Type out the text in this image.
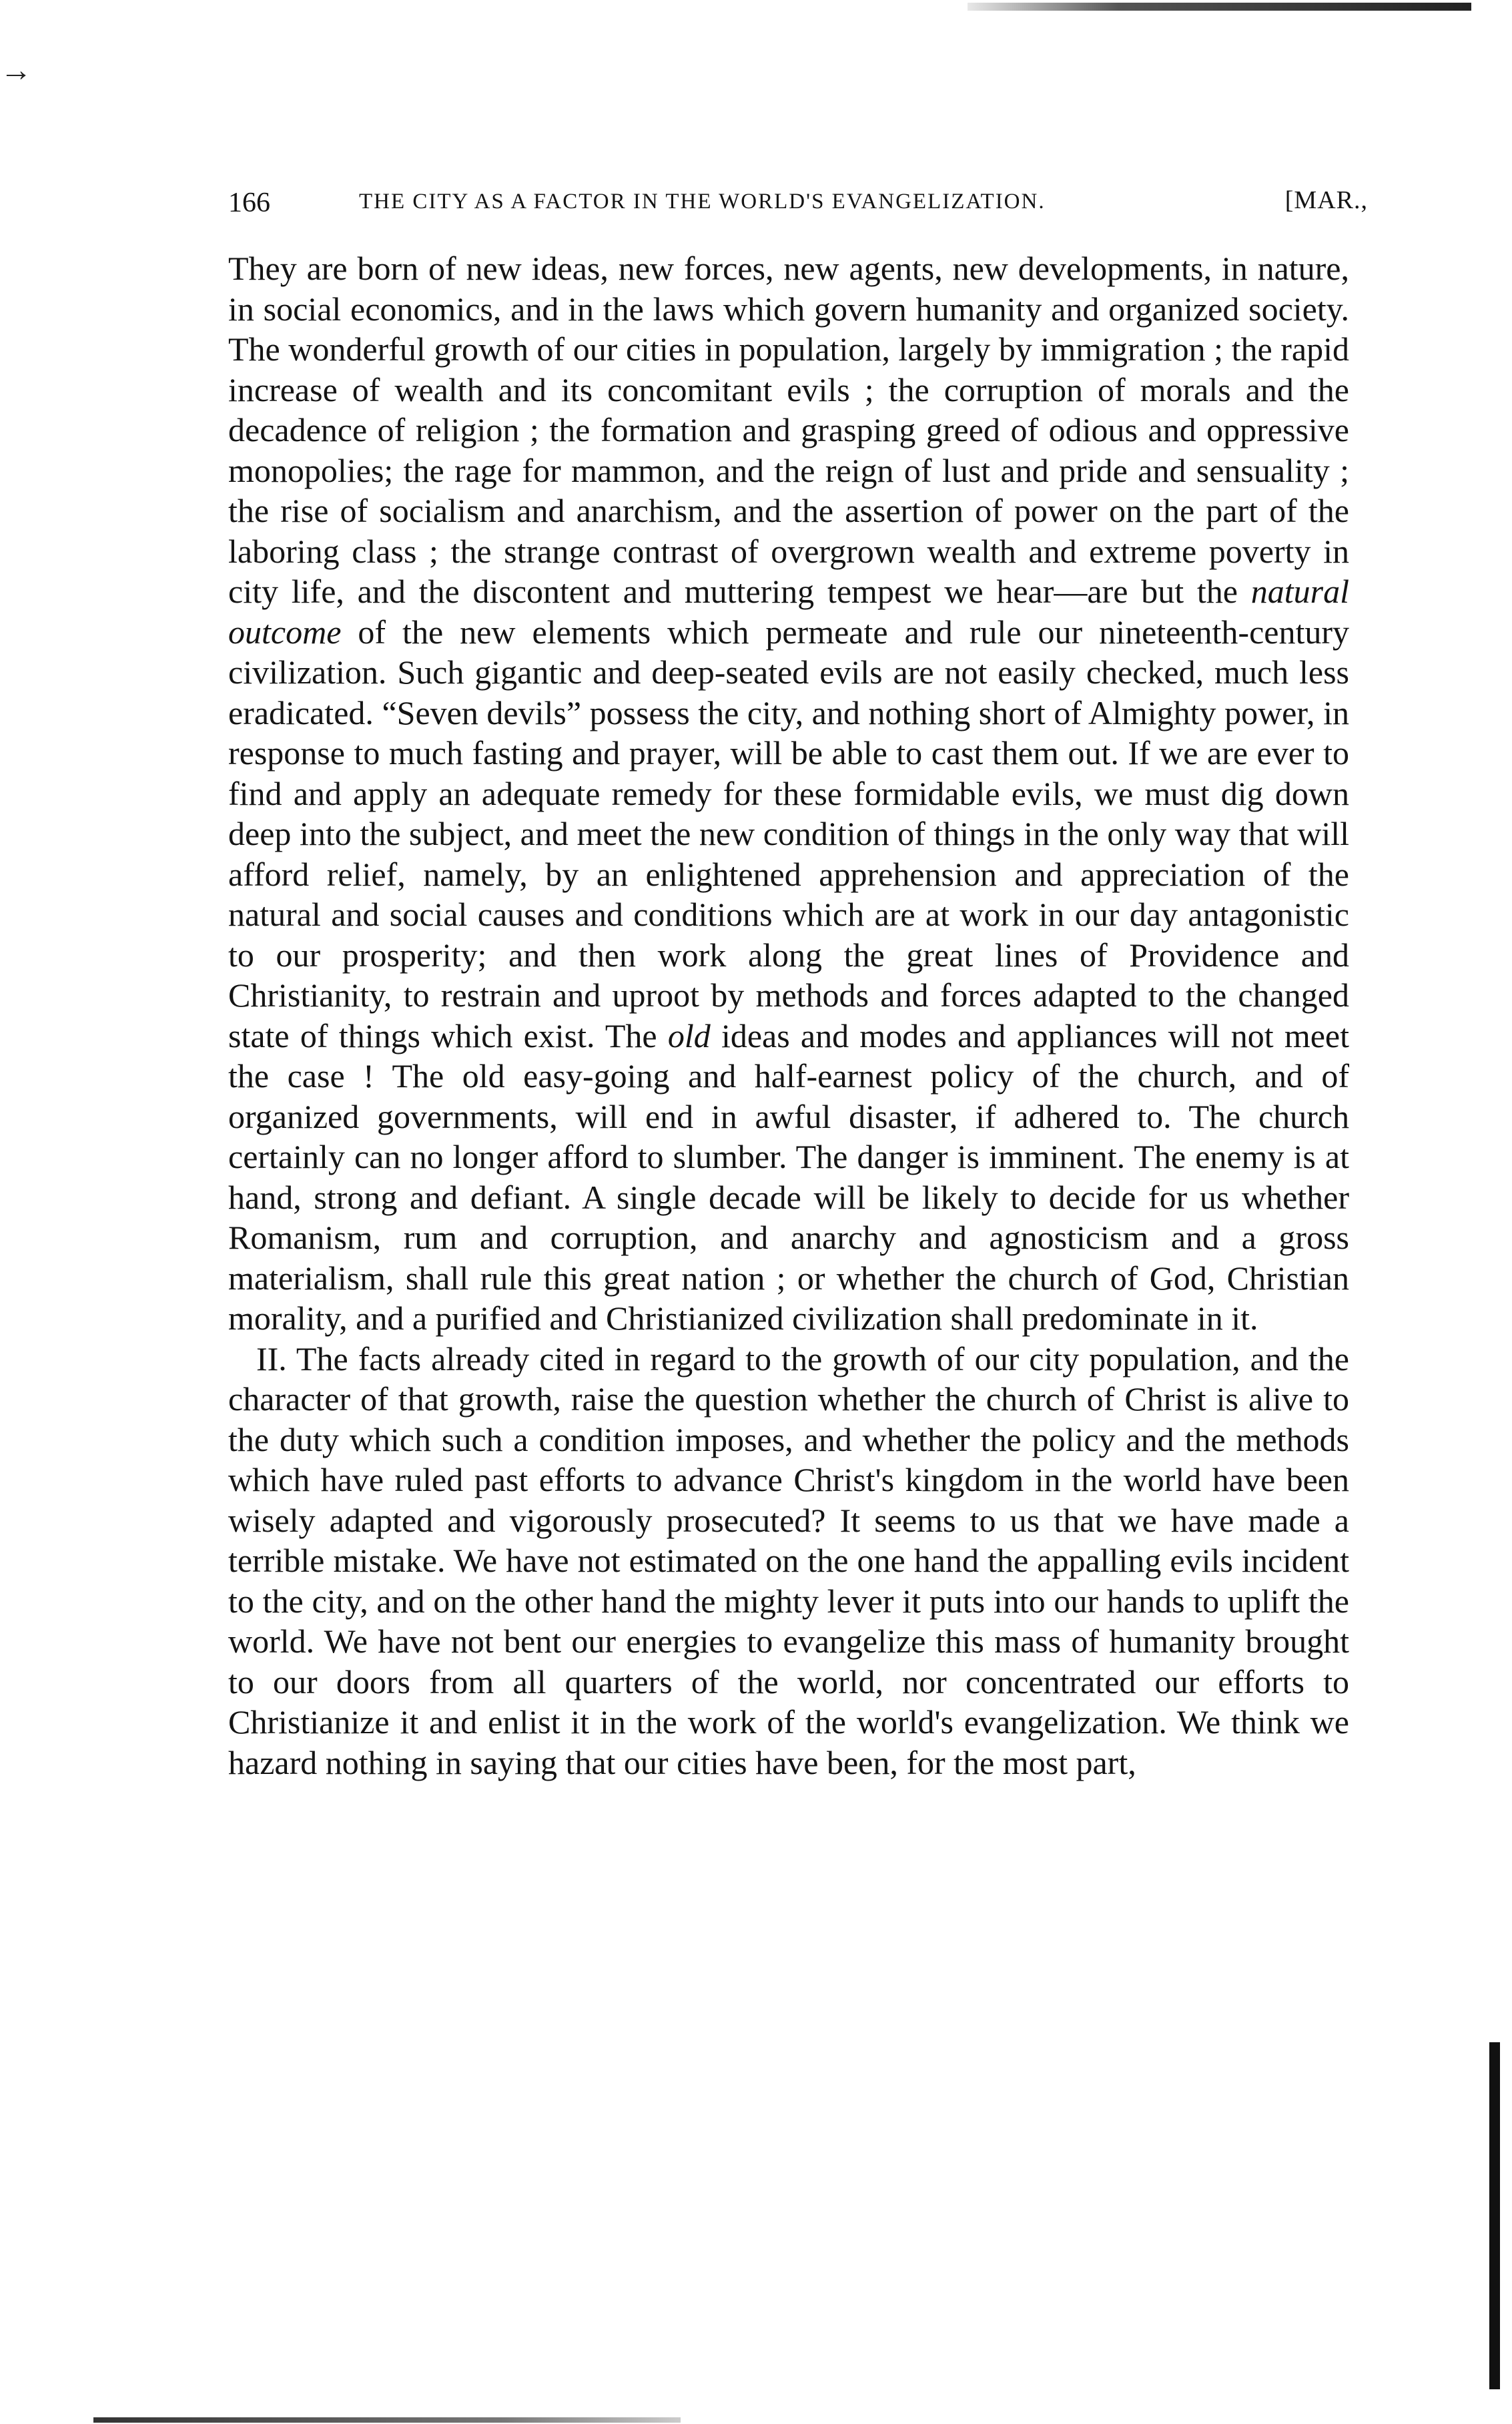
→
166	THE CITY AS A FACTOR IN THE WORLD'S EVANGELIZATION.	[MAR.,

They are born of new ideas, new forces, new agents, new developments, in nature, in social economics, and in the laws which govern humanity and organized society. The wonderful growth of our cities in population, largely by immigration ; the rapid increase of wealth and its concomitant evils ; the corruption of morals and the decadence of religion ; the formation and grasping greed of odious and oppressive monopolies; the rage for mammon, and the reign of lust and pride and sensuality ; the rise of socialism and anarchism, and the assertion of power on the part of the laboring class ; the strange contrast of overgrown wealth and extreme poverty in city life, and the discontent and muttering tempest we hear—are but the natural outcome of the new elements which permeate and rule our nineteenth-century civilization. Such gigantic and deep-seated evils are not easily checked, much less eradicated. “Seven devils” possess the city, and nothing short of Almighty power, in response to much fasting and prayer, will be able to cast them out. If we are ever to find and apply an adequate remedy for these formidable evils, we must dig down deep into the subject, and meet the new condition of things in the only way that will afford relief, namely, by an enlightened apprehension and appreciation of the natural and social causes and conditions which are at work in our day antagonistic to our prosperity; and then work along the great lines of Providence and Christianity, to restrain and uproot by methods and forces adapted to the changed state of things which exist. The old ideas and modes and appliances will not meet the case ! The old easy-going and half-earnest policy of the church, and of organized governments, will end in awful disaster, if adhered to. The church certainly can no longer afford to slumber. The danger is imminent. The enemy is at hand, strong and defiant. A single decade will be likely to decide for us whether Romanism, rum and corruption, and anarchy and agnosticism and a gross materialism, shall rule this great nation ; or whether the church of God, Christian morality, and a purified and Christianized civilization shall predominate in it.

II. The facts already cited in regard to the growth of our city population, and the character of that growth, raise the question whether the church of Christ is alive to the duty which such a condition imposes, and whether the policy and the methods which have ruled past efforts to advance Christ's kingdom in the world have been wisely adapted and vigorously prosecuted? It seems to us that we have made a terrible mistake. We have not estimated on the one hand the appalling evils incident to the city, and on the other hand the mighty lever it puts into our hands to uplift the world. We have not bent our energies to evangelize this mass of humanity brought to our doors from all quarters of the world, nor concentrated our efforts to Christianize it and enlist it in the work of the world's evangelization. We think we hazard nothing in saying that our cities have been, for the most part,
